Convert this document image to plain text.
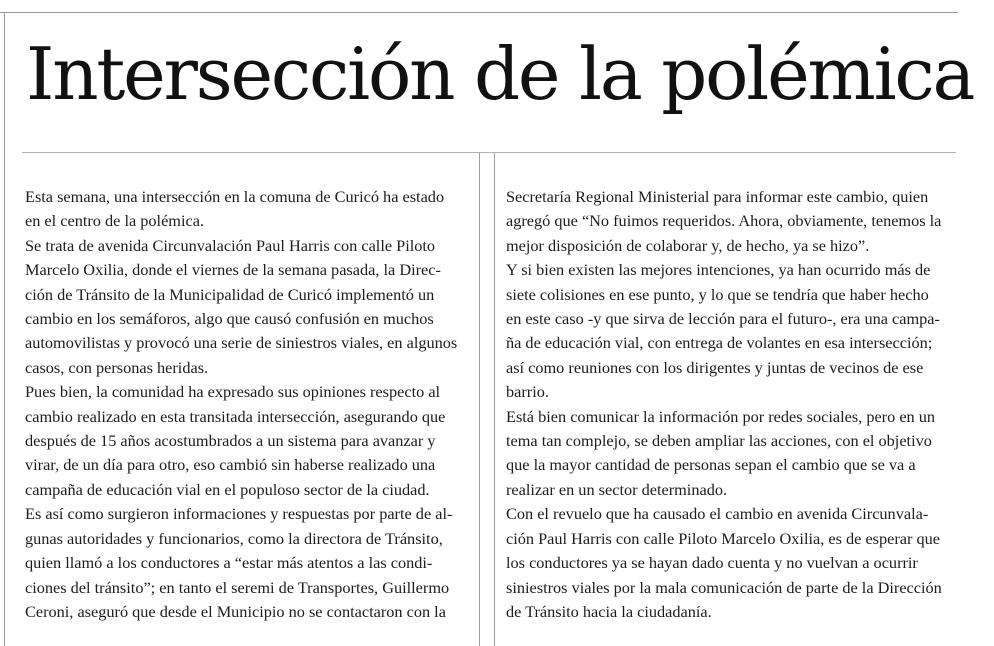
Intersección de la polémica
Esta semana, una intersección en la comuna de Curicó ha estado
en el centro de la polémica.
Se trata de avenida Circunvalación Paul Harris con calle Piloto
Marcelo Oxilia, donde el viernes de la semana pasada, la Direc-
ción de Tránsito de la Municipalidad de Curicó implementó un
cambio en los semáforos, algo que causó confusión en muchos
automovilistas y provocó una serie de siniestros viales, en algunos
casos, con personas heridas.
Pues bien, la comunidad ha expresado sus opiniones respecto al
cambio realizado en esta transitada intersección, asegurando que
después de 15 años acostumbrados a un sistema para avanzar y
virar, de un día para otro, eso cambió sin haberse realizado una
campaña de educación vial en el populoso sector de la ciudad.
Es así como surgieron informaciones y respuestas por parte de al-
gunas autoridades y funcionarios, como la directora de Tránsito,
quien llamó a los conductores a “estar más atentos a las condi-
ciones del tránsito”; en tanto el seremi de Transportes, Guillermo
Ceroni, aseguró que desde el Municipio no se contactaron con la
Secretaría Regional Ministerial para informar este cambio, quien
agregó que “No fuimos requeridos. Ahora, obviamente, tenemos la
mejor disposición de colaborar y, de hecho, ya se hizo”.
Y si bien existen las mejores intenciones, ya han ocurrido más de
siete colisiones en ese punto, y lo que se tendría que haber hecho
en este caso -y que sirva de lección para el futuro-, era una campa-
ña de educación vial, con entrega de volantes en esa intersección;
así como reuniones con los dirigentes y juntas de vecinos de ese
barrio.
Está bien comunicar la información por redes sociales, pero en un
tema tan complejo, se deben ampliar las acciones, con el objetivo
que la mayor cantidad de personas sepan el cambio que se va a
realizar en un sector determinado.
Con el revuelo que ha causado el cambio en avenida Circunvala-
ción Paul Harris con calle Piloto Marcelo Oxilia, es de esperar que
los conductores ya se hayan dado cuenta y no vuelvan a ocurrir
siniestros viales por la mala comunicación de parte de la Dirección
de Tránsito hacia la ciudadanía.
